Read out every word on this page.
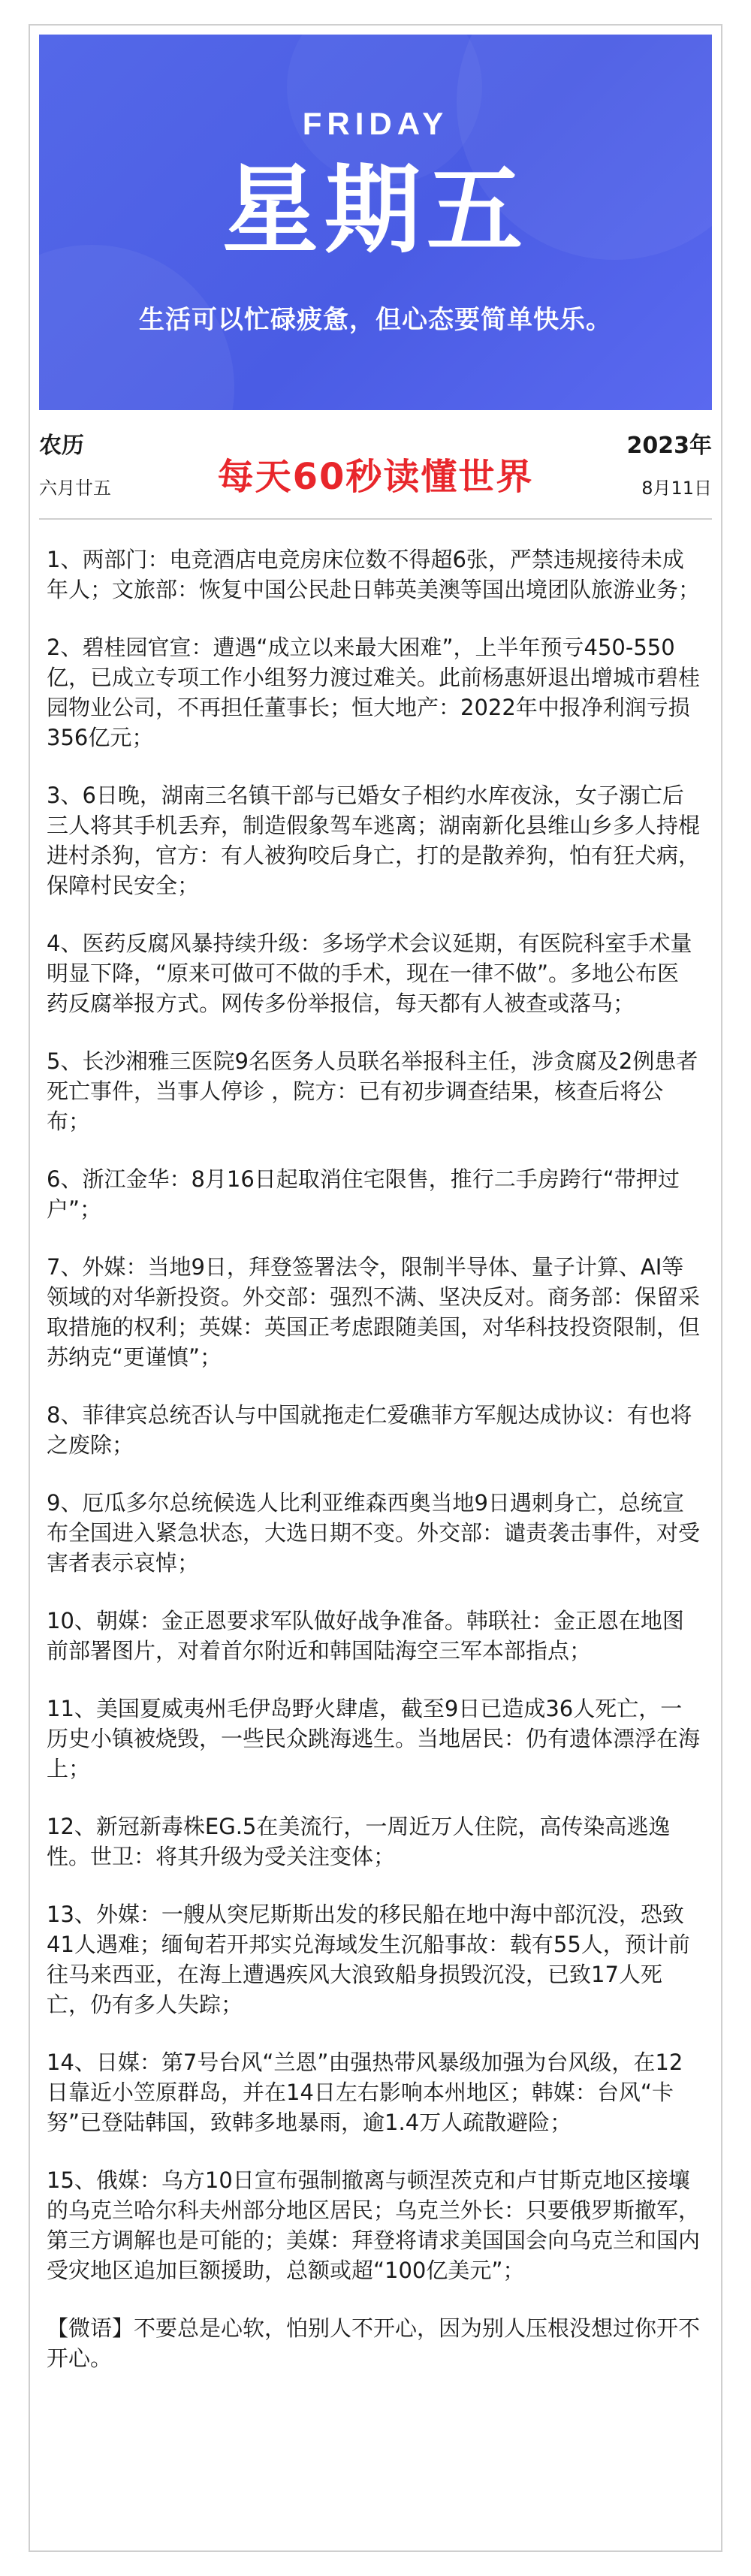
FRIDAY
星期五
生活可以忙碌疲惫，但心态要简单快乐。
农历
六月廿五	每天60秒读懂世界
2023年
8月11日
1、两部门：电竞酒店电竞房床位数不得超6张，严禁违规接待未成年人；文旅部：恢复中国公民赴日韩英美澳等国出境团队旅游业务；
2、碧桂园官宣：遭遇“成立以来最大困难”，上半年预亏450-550亿，已成立专项工作小组努力渡过难关。此前杨惠妍退出增城市碧桂园物业公司，不再担任董事长；恒大地产：2022年中报净利润亏损356亿元；
3、6日晚，湖南三名镇干部与已婚女子相约水库夜泳，女子溺亡后三人将其手机丢弃，制造假象驾车逃离；湖南新化县维山乡多人持棍进村杀狗，官方：有人被狗咬后身亡，打的是散养狗，怕有狂犬病，保障村民安全；
4、医药反腐风暴持续升级：多场学术会议延期，有医院科室手术量明显下降，“原来可做可不做的手术，现在一律不做”。多地公布医药反腐举报方式。网传多份举报信，每天都有人被查或落马；
5、长沙湘雅三医院9名医务人员联名举报科主任，涉贪腐及2例患者死亡事件，当事人停诊 ，院方：已有初步调查结果，核查后将公布；
6、浙江金华：8月16日起取消住宅限售，推行二手房跨行“带押过户”；
7、外媒：当地9日，拜登签署法令，限制半导体、量子计算、AI等领域的对华新投资。外交部：强烈不满、坚决反对。商务部：保留采取措施的权利；英媒：英国正考虑跟随美国，对华科技投资限制，但苏纳克“更谨慎”；
8、菲律宾总统否认与中国就拖走仁爱礁菲方军舰达成协议：有也将之废除；
9、厄瓜多尔总统候选人比利亚维森西奥当地9日遇刺身亡，总统宣布全国进入紧急状态，大选日期不变。外交部：谴责袭击事件，对受害者表示哀悼；
10、朝媒：金正恩要求军队做好战争准备。韩联社：金正恩在地图前部署图片，对着首尔附近和韩国陆海空三军本部指点；
11、美国夏威夷州毛伊岛野火肆虐，截至9日已造成36人死亡，一历史小镇被烧毁，一些民众跳海逃生。当地居民：仍有遗体漂浮在海上；
12、新冠新毒株EG.5在美流行，一周近万人住院，高传染高逃逸性。世卫：将其升级为受关注变体；
13、外媒：一艘从突尼斯斯出发的移民船在地中海中部沉没，恐致41人遇难；缅甸若开邦实兑海域发生沉船事故：载有55人，预计前往马来西亚，在海上遭遇疾风大浪致船身损毁沉没，已致17人死亡，仍有多人失踪；
14、日媒：第7号台风“兰恩”由强热带风暴级加强为台风级，在12日靠近小笠原群岛，并在14日左右影响本州地区；韩媒：台风“卡努”已登陆韩国，致韩多地暴雨，逾1.4万人疏散避险；
15、俄媒：乌方10日宣布强制撤离与顿涅茨克和卢甘斯克地区接壤的乌克兰哈尔科夫州部分地区居民；乌克兰外长：只要俄罗斯撤军，第三方调解也是可能的；美媒：拜登将请求美国国会向乌克兰和国内受灾地区追加巨额援助，总额或超“100亿美元”；
【微语】不要总是心软，怕别人不开心，因为别人压根没想过你开不开心。
